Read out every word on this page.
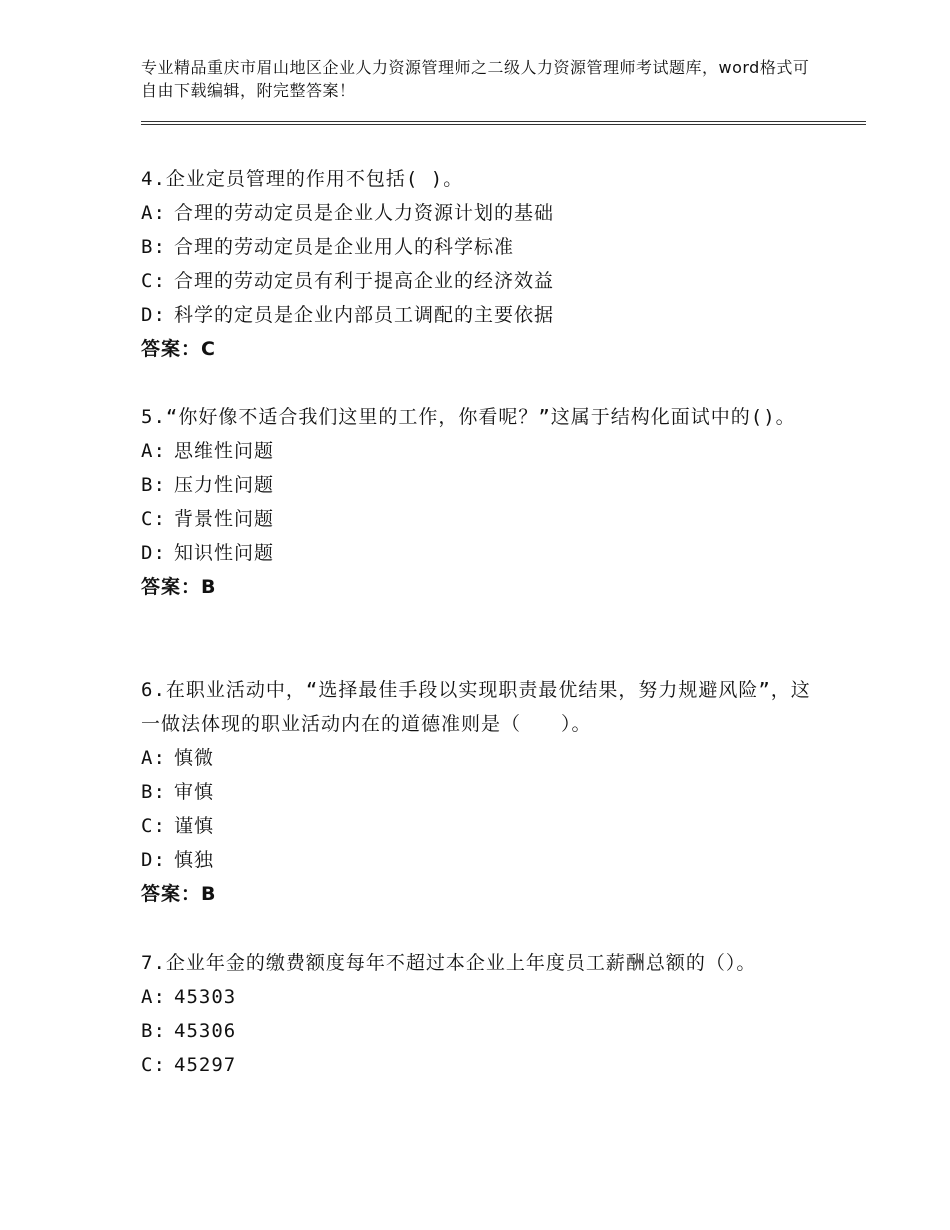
专业精品重庆市眉山地区企业人力资源管理师之二级人力资源管理师考试题库，word格式可自由下载编辑，附完整答案！

4.企业定员管理的作用不包括( )。

A: 合理的劳动定员是企业人力资源计划的基础

B: 合理的劳动定员是企业用人的科学标准

C: 合理的劳动定员有利于提高企业的经济效益

D: 科学的定员是企业内部员工调配的主要依据

答案：C

5.“你好像不适合我们这里的工作，你看呢？”这属于结构化面试中的()。

A: 思维性问题

B: 压力性问题

C: 背景性问题

D: 知识性问题

答案：B

6.在职业活动中，“选择最佳手段以实现职责最优结果，努力规避风险”，这一做法体现的职业活动内在的道德准则是（　　）。

A: 慎微

B: 审慎

C: 谨慎

D: 慎独

答案：B

7.企业年金的缴费额度每年不超过本企业上年度员工薪酬总额的（）。

A: 45303

B: 45306

C: 45297
